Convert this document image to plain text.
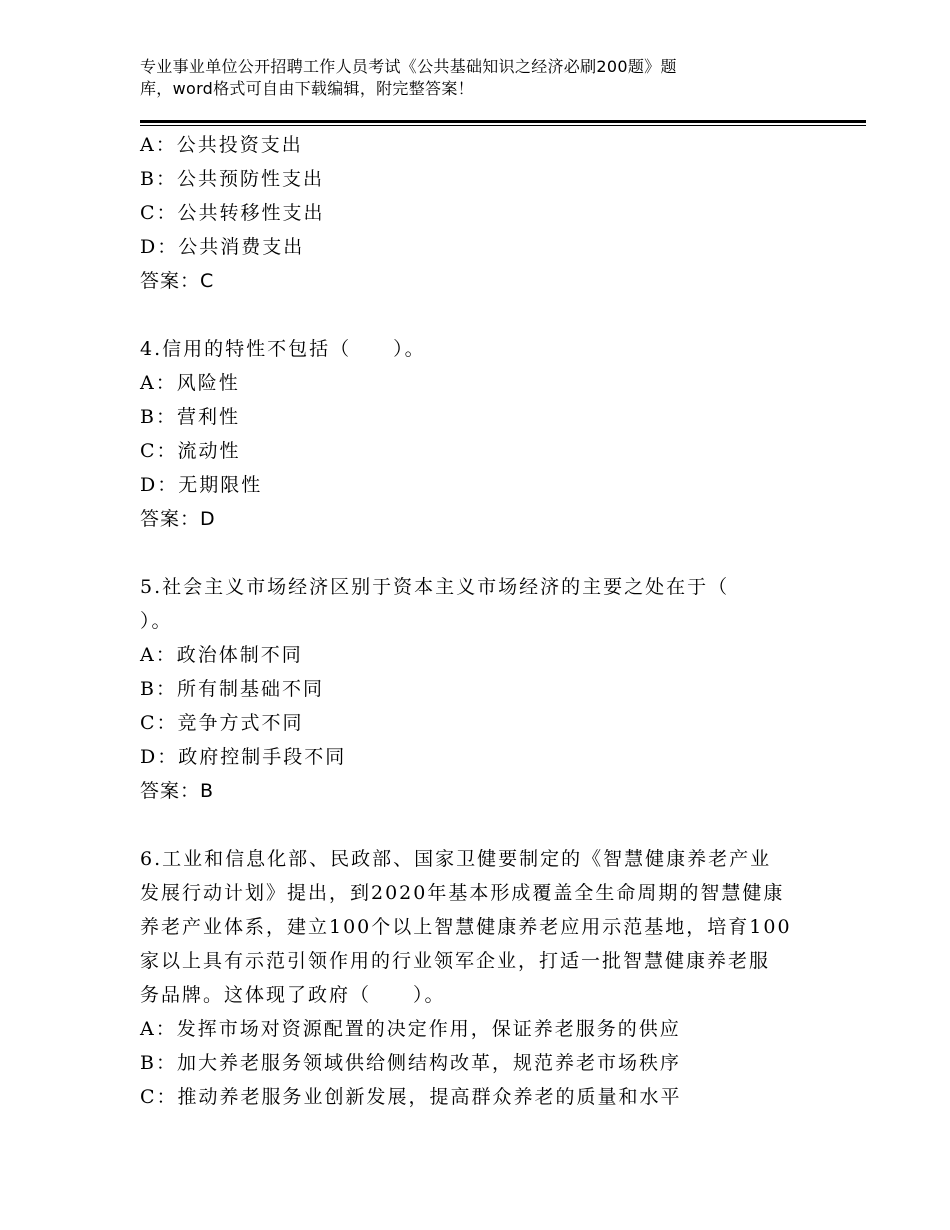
专业事业单位公开招聘工作人员考试《公共基础知识之经济必刷200题》题
库，word格式可自由下载编辑，附完整答案！
A：公共投资支出
B：公共预防性支出
C：公共转移性支出
D：公共消费支出
答案：C
4.信用的特性不包括（　　）。
A：风险性
B：营利性
C：流动性
D：无期限性
答案：D
5.社会主义市场经济区别于资本主义市场经济的主要之处在于（
）。
A：政治体制不同
B：所有制基础不同
C：竞争方式不同
D：政府控制手段不同
答案：B
6.工业和信息化部、民政部、国家卫健要制定的《智慧健康养老产业
发展行动计划》提出，到2020年基本形成覆盖全生命周期的智慧健康
养老产业体系，建立100个以上智慧健康养老应用示范基地，培育100
家以上具有示范引领作用的行业领军企业，打适一批智慧健康养老服
务品牌。这体现了政府（　　）。
A：发挥市场对资源配置的决定作用，保证养老服务的供应
B：加大养老服务领域供给侧结构改革，规范养老市场秩序
C：推动养老服务业创新发展，提高群众养老的质量和水平
